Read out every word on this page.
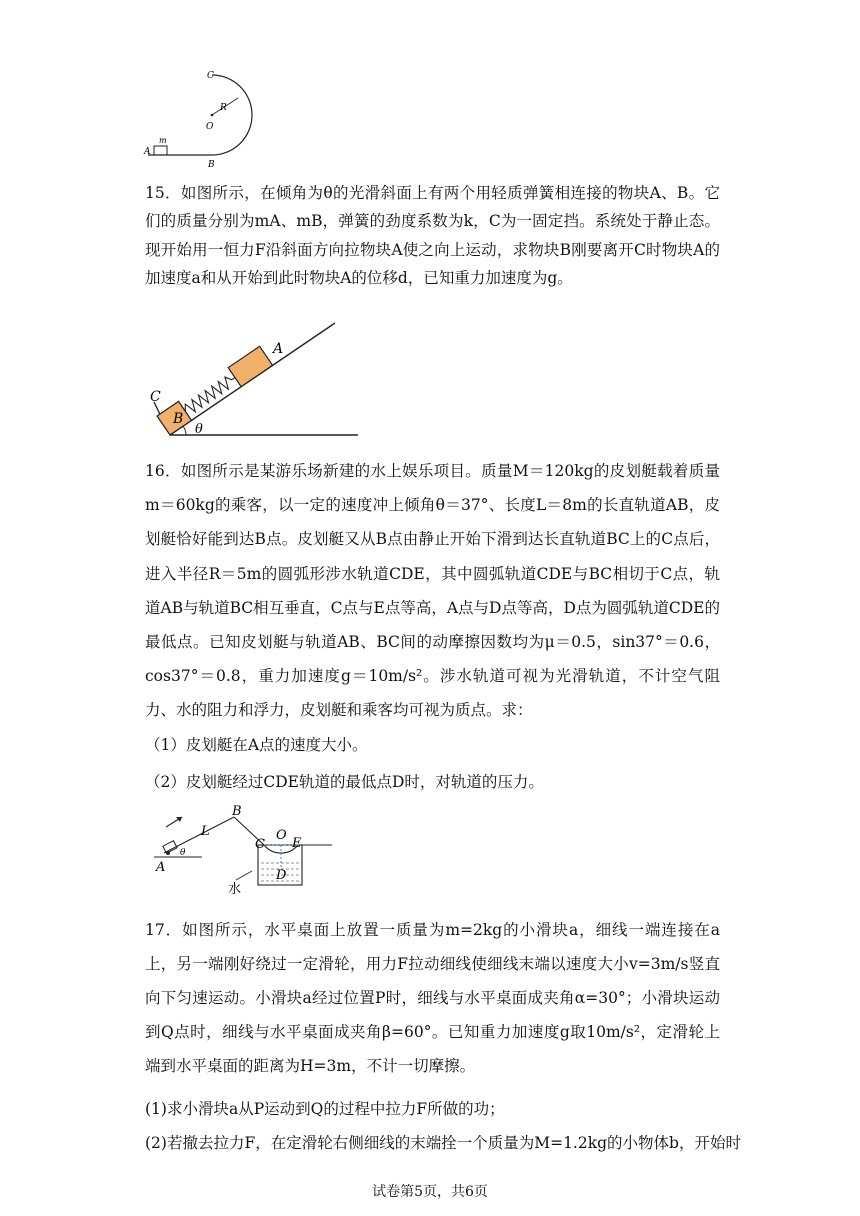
C
R
O
m
A
B
15．如图所示，在倾角为θ的光滑斜面上有两个用轻质弹簧相连接的物块A、B。它们的质量分别为mA、mB，弹簧的劲度系数为k，C为一固定挡。系统处于静止态。现开始用一恒力F沿斜面方向拉物块A使之向上运动，求物块B刚要离开C时物块A的加速度a和从开始到此时物块A的位移d，已知重力加速度为g。
B
A
C
θ
16．如图所示是某游乐场新建的水上娱乐项目。质量M＝120kg的皮划艇载着质量m＝60kg的乘客，以一定的速度冲上倾角θ＝37°、长度L＝8m的长直轨道AB，皮划艇恰好能到达B点。皮划艇又从B点由静止开始下滑到达长直轨道BC上的C点后，进入半径R＝5m的圆弧形涉水轨道CDE，其中圆弧轨道CDE与BC相切于C点，轨道AB与轨道BC相互垂直，C点与E点等高，A点与D点等高，D点为圆弧轨道CDE的最低点。已知皮划艇与轨道AB、BC间的动摩擦因数均为μ＝0.5，sin37°＝0.6，cos37°＝0.8，重力加速度g＝10m/s²。涉水轨道可视为光滑轨道，不计空气阻力、水的阻力和浮力，皮划艇和乘客均可视为质点。求：
（1）皮划艇在A点的速度大小。
（2）皮划艇经过CDE轨道的最低点D时，对轨道的压力。
B
L
C
O
E
D
A
θ
水
17．如图所示，水平桌面上放置一质量为m=2kg的小滑块a，细线一端连接在a上，另一端刚好绕过一定滑轮，用力F拉动细线使细线末端以速度大小v=3m/s竖直向下匀速运动。小滑块a经过位置P时，细线与水平桌面成夹角α=30°；小滑块运动到Q点时，细线与水平桌面成夹角β=60°。已知重力加速度g取10m/s²，定滑轮上端到水平桌面的距离为H=3m，不计一切摩擦。
(1)求小滑块a从P运动到Q的过程中拉力F所做的功；
(2)若撤去拉力F，在定滑轮右侧细线的末端拴一个质量为M=1.2kg的小物体b，开始时
试卷第5页，共6页
